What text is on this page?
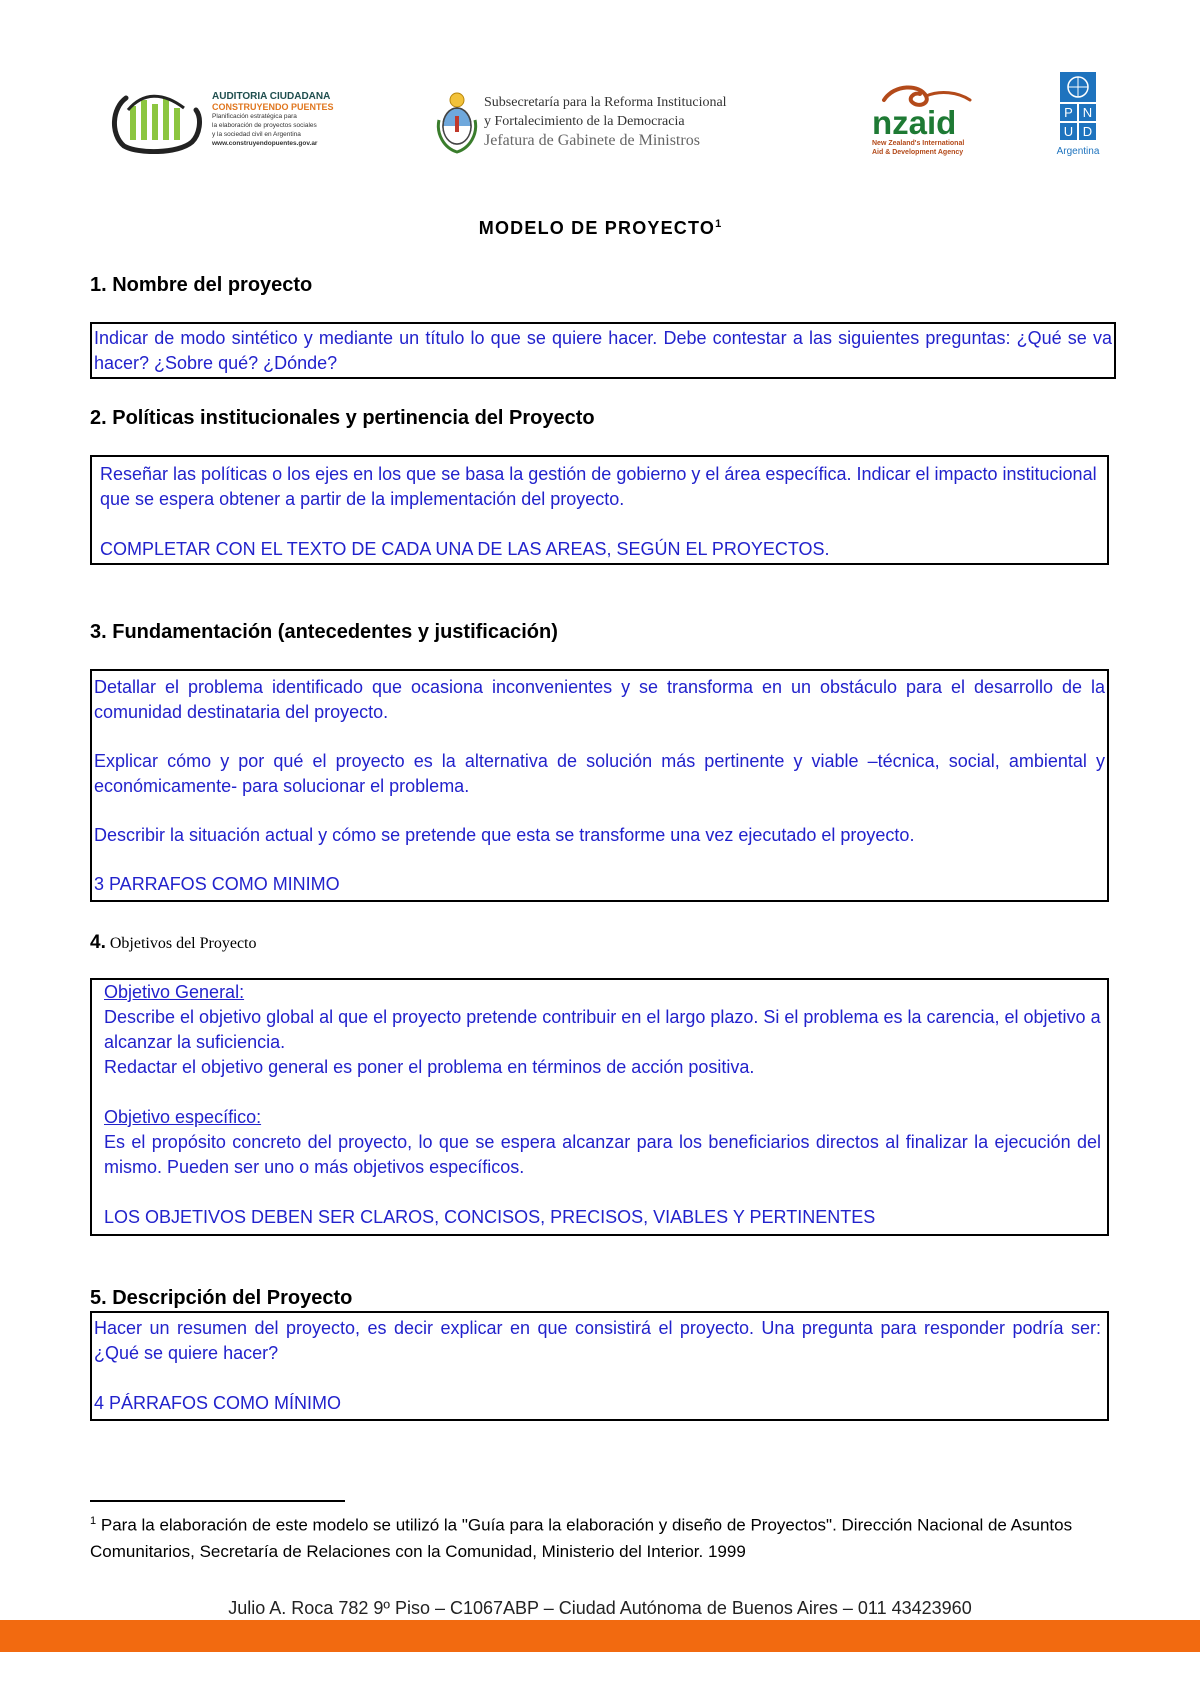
AUDITORIA CIUDADANA
CONSTRUYENDO PUENTES
Planificación estratégica para
la elaboración de proyectos sociales
y la sociedad civil en Argentina
www.construyendopuentes.gov.ar
Subsecretaría para la Reforma Institucional
y Fortalecimiento de la Democracia
Jefatura de Gabinete de Ministros	nzaid
New Zealand's International
Aid & Development Agency
P N
U D
Argentina
MODELO DE PROYECTO$^1$
1. Nombre del proyecto

Indicar de modo sintético y mediante un título lo que se quiere hacer. Debe contestar a las siguientes preguntas: ¿Qué se va hacer? ¿Sobre qué? ¿Dónde?

2. Políticas institucionales y pertinencia del Proyecto

Reseñar las políticas o los ejes en los que se basa la gestión de gobierno y el área específica. Indicar el impacto institucional que se espera obtener a partir de la implementación del proyecto.

COMPLETAR CON EL TEXTO DE CADA UNA DE LAS AREAS, SEGÚN EL PROYECTOS.

3. Fundamentación (antecedentes y justificación)

Detallar el problema identificado que ocasiona inconvenientes y se transforma en un obstáculo para el desarrollo de la comunidad destinataria del proyecto.

Explicar cómo y por qué el proyecto es la alternativa de solución más pertinente y viable –técnica, social, ambiental y económicamente- para solucionar el problema.

Describir la situación actual y cómo se pretende que esta se transforme una vez ejecutado el proyecto.

3 PARRAFOS COMO MINIMO

4. Objetivos del Proyecto

Objetivo General:

Describe el objetivo global al que el proyecto pretende contribuir en el largo plazo. Si el problema es la carencia, el objetivo a alcanzar la suficiencia.

Redactar el objetivo general es poner el problema en términos de acción positiva.

Objetivo específico:

Es el propósito concreto del proyecto, lo que se espera alcanzar para los beneficiarios directos al finalizar la ejecución del mismo. Pueden ser uno o más objetivos específicos.

LOS OBJETIVOS DEBEN SER CLAROS, CONCISOS, PRECISOS, VIABLES Y PERTINENTES

5. Descripción del Proyecto

Hacer un resumen del proyecto, es decir explicar en que consistirá el proyecto. Una pregunta para responder podría ser: ¿Qué se quiere hacer?

4 PÁRRAFOS COMO MÍNIMO

$^1$ Para la elaboración de este modelo se utilizó la "Guía para la elaboración y diseño de Proyectos". Dirección Nacional de Asuntos Comunitarios, Secretaría de Relaciones con la Comunidad, Ministerio del Interior. 1999
Julio A. Roca 782 9º Piso – C1067ABP – Ciudad Autónoma de Buenos Aires – 011 43423960
